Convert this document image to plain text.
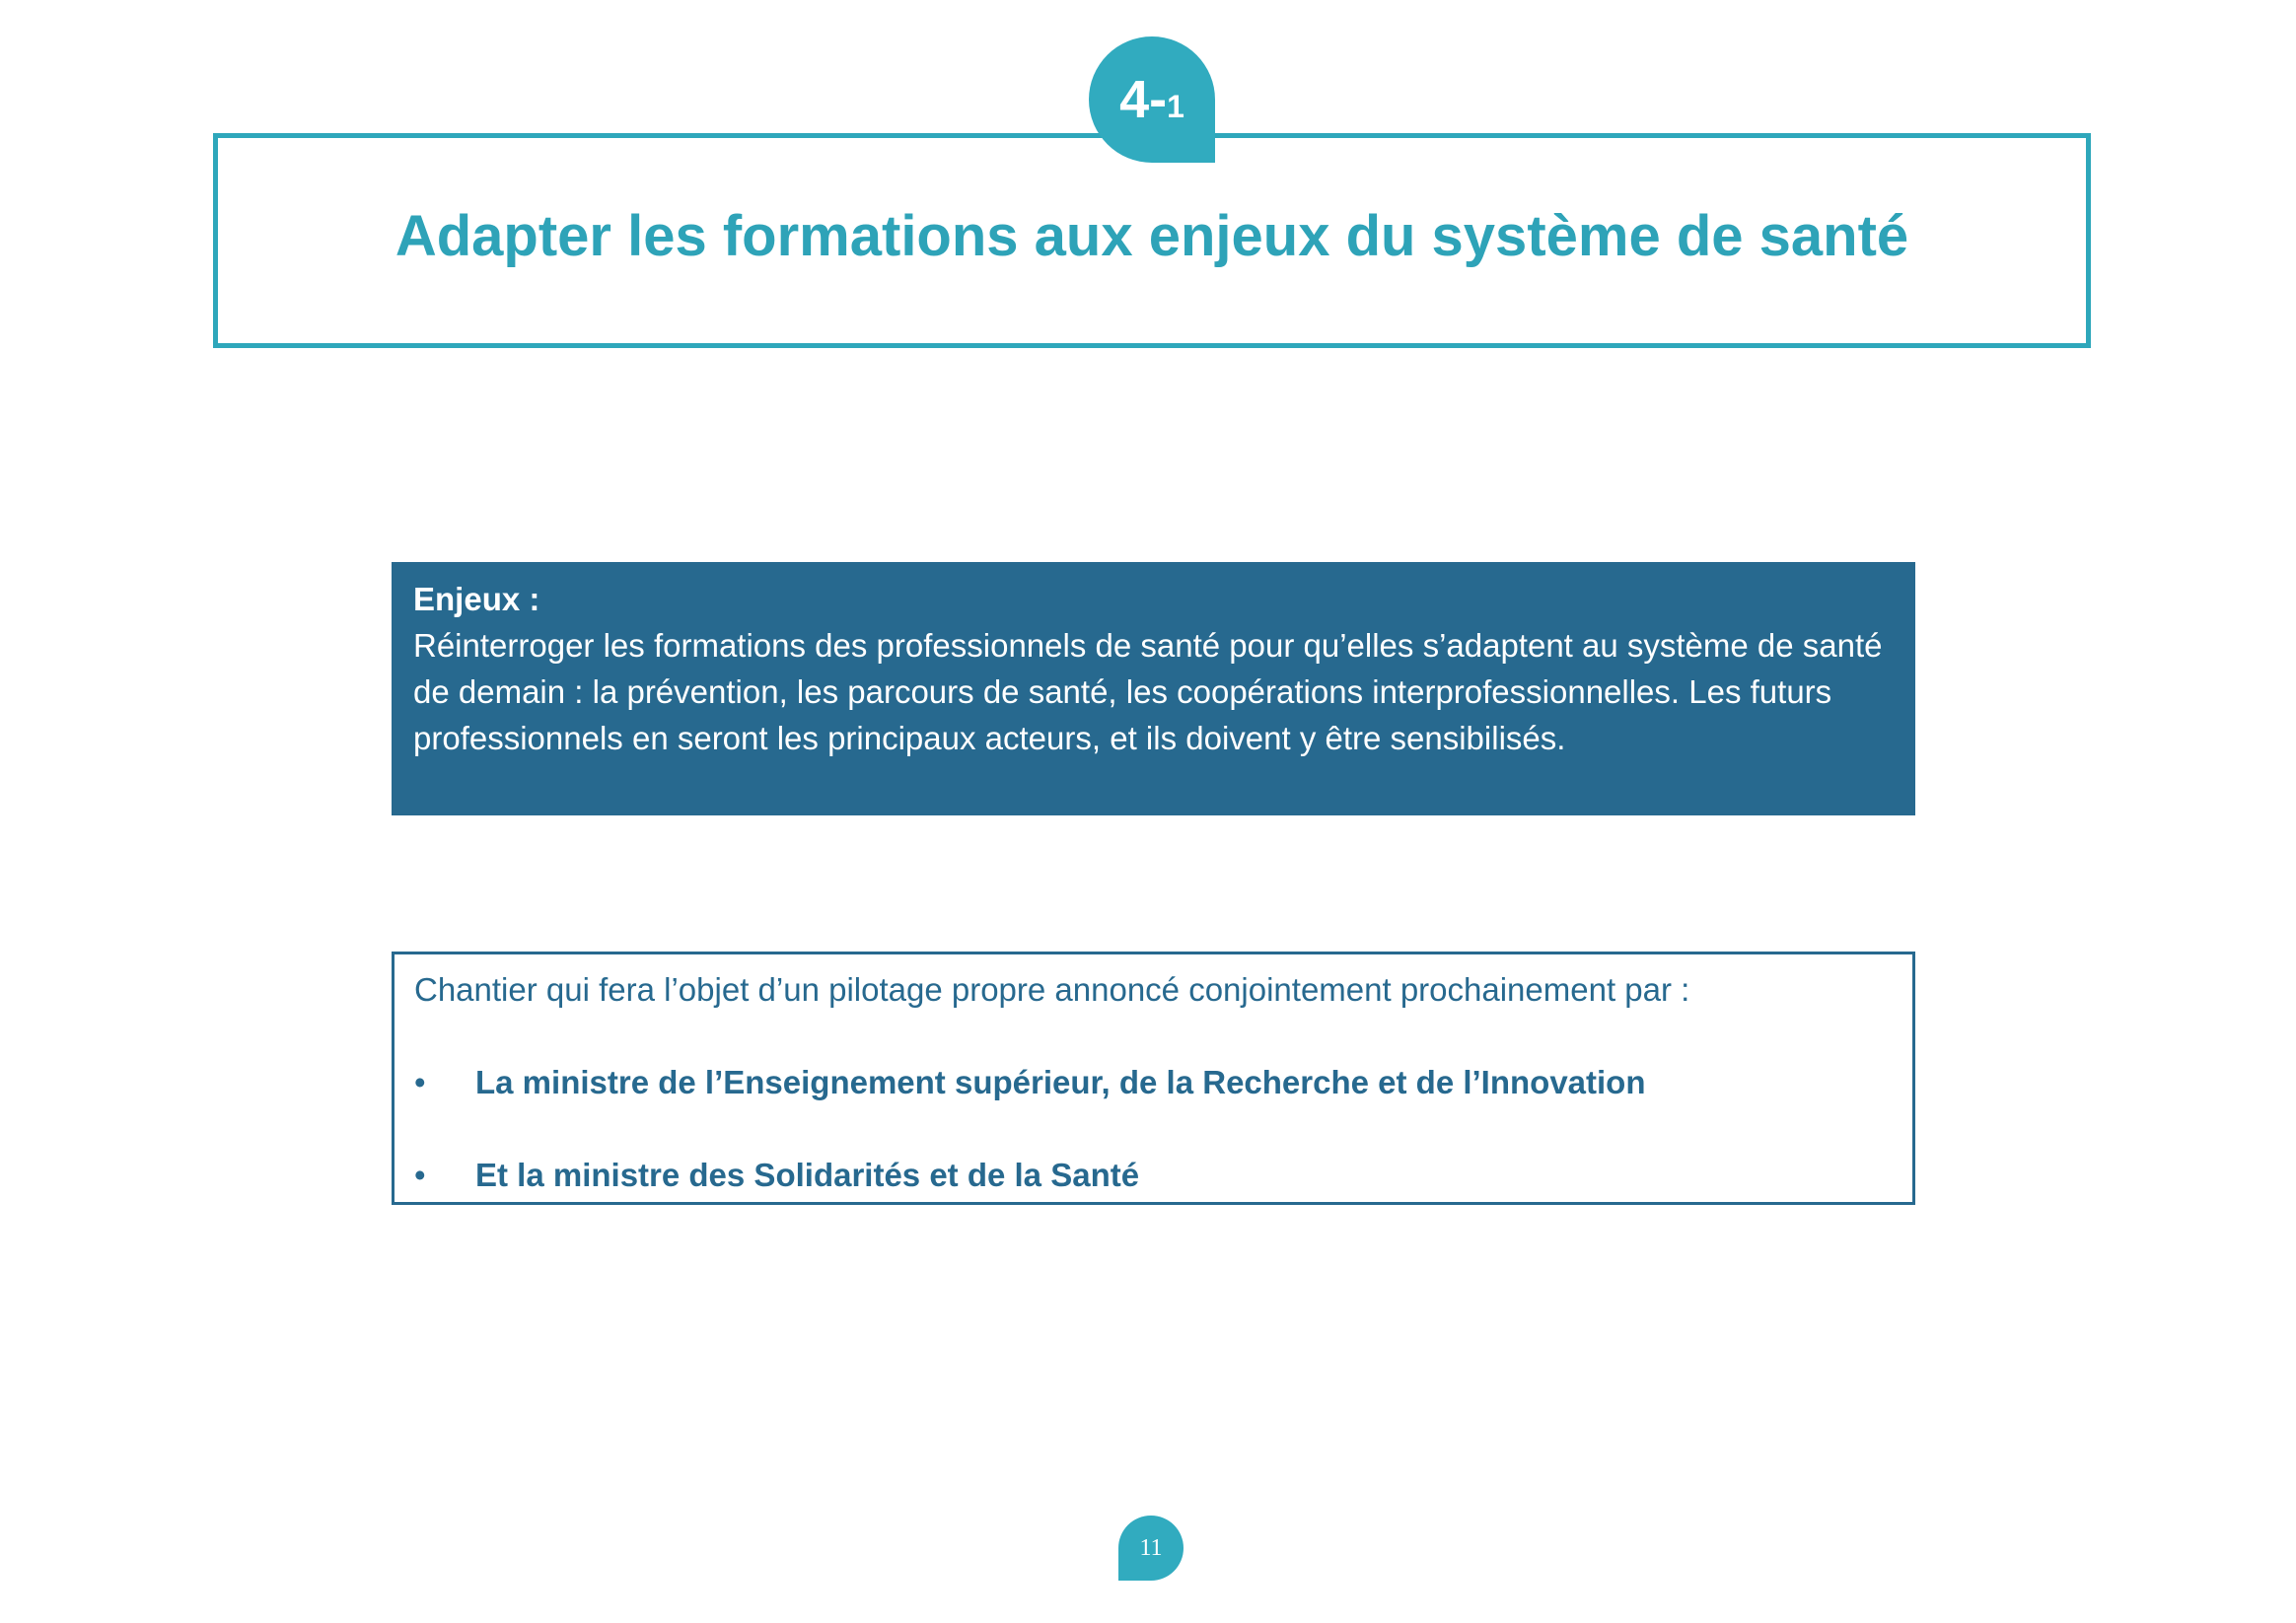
Adapter les formations aux enjeux du système de santé
4- 1
Enjeux :
Réinterroger les formations des professionnels de santé pour qu’elles s’adaptent au système de santé de demain : la prévention, les parcours de santé, les coopérations interprofessionnelles. Les futurs professionnels en seront les principaux acteurs, et ils doivent y être sensibilisés.
Chantier qui fera l’objet d’un pilotage propre annoncé conjointement prochainement par :
•	La ministre de l’Enseignement supérieur, de la Recherche et de l’Innovation
•	Et la ministre des Solidarités et de la Santé
11
